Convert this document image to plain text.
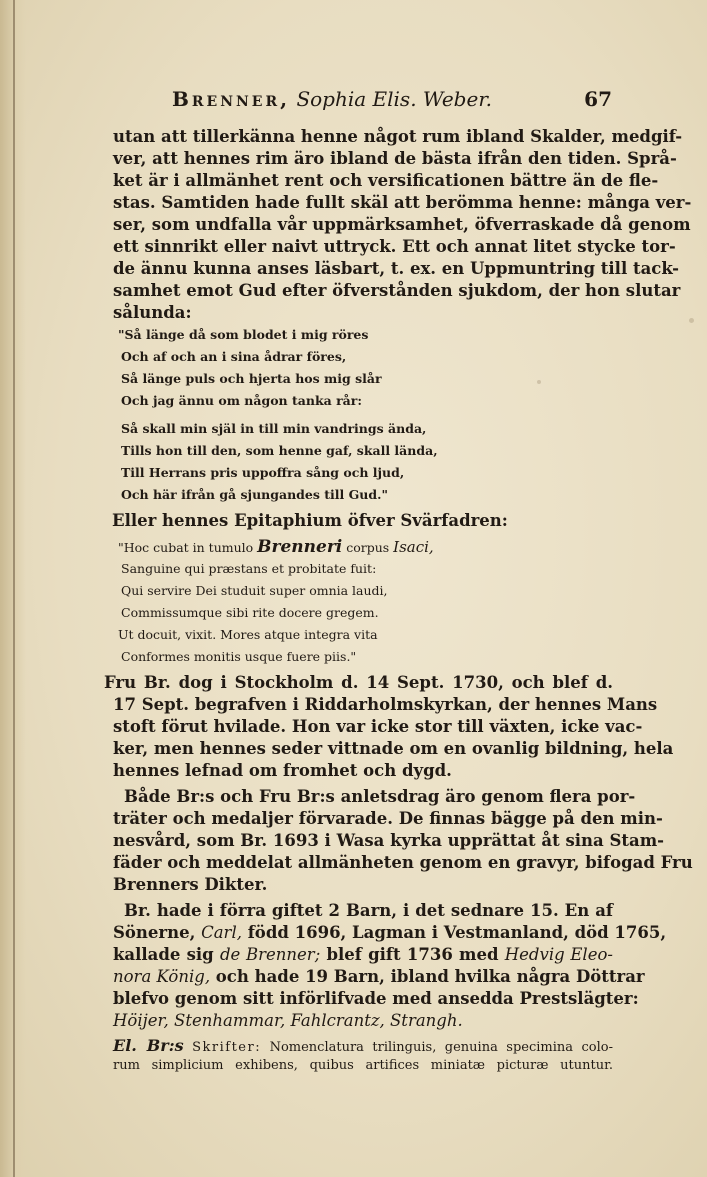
Brenner, Sophia Elis. Weber.	67
utan att tillerkänna henne något rum ibland Skalder, medgif-
ver, att hennes rim äro ibland de bästa ifrån den tiden. Språ-
ket är i allmänhet rent och versificationen bättre än de fle-
stas. Samtiden hade fullt skäl att berömma henne: många ver-
ser, som undfalla vår uppmärksamhet, öfverraskade då genom
ett sinnrikt eller naivt uttryck. Ett och annat litet stycke tor-
de ännu kunna anses läsbart, t. ex. en Uppmuntring till tack-
samhet emot Gud efter öfverstånden sjukdom, der hon slutar
sålunda:
"Så länge då som blodet i mig röres
Och af och an i sina ådrar föres,
Så länge puls och hjerta hos mig slår
Och jag ännu om någon tanka rår:
Så skall min själ in till min vandrings ända,
Tills hon till den, som henne gaf, skall lända,
Till Herrans pris uppoffra sång och ljud,
Och här ifrån gå sjungandes till Gud."
Eller hennes Epitaphium öfver Svärfadren:
"Hoc cubat in tumulo Brenneri corpus Isaci,
Sanguine qui præstans et probitate fuit:
Qui servire Dei studuit super omnia laudi,
Commissumque sibi rite docere gregem.
Ut docuit, vixit. Mores atque integra vita
Conformes monitis usque fuere piis."
Fru Br. dog i Stockholm d. 14 Sept. 1730, och blef d.
17 Sept. begrafven i Riddarholmskyrkan, der hennes Mans
stoft förut hvilade. Hon var icke stor till växten, icke vac-
ker, men hennes seder vittnade om en ovanlig bildning, hela
hennes lefnad om fromhet och dygd.
Både Br:s och Fru Br:s anletsdrag äro genom flera por-
träter och medaljer förvarade. De finnas bägge på den min-
nesvård, som Br. 1693 i Wasa kyrka upprättat åt sina Stam-
fäder och meddelat allmänheten genom en gravyr, bifogad Fru
Brenners Dikter.
Br. hade i förra giftet 2 Barn, i det sednare 15. En af
Sönerne, Carl, född 1696, Lagman i Vestmanland, död 1765,
kallade sig de Brenner; blef gift 1736 med Hedvig Eleo-
nora König, och hade 19 Barn, ibland hvilka några Döttrar
blefvo genom sitt införlifvade med ansedda Prestslägter:
Höijer, Stenhammar, Fahlcrantz, Strangh.
El. Br:s Skrifter: Nomenclatura trilinguis, genuina specimina colo-
rum simplicium exhibens, quibus artifices miniatæ picturæ utuntur.
